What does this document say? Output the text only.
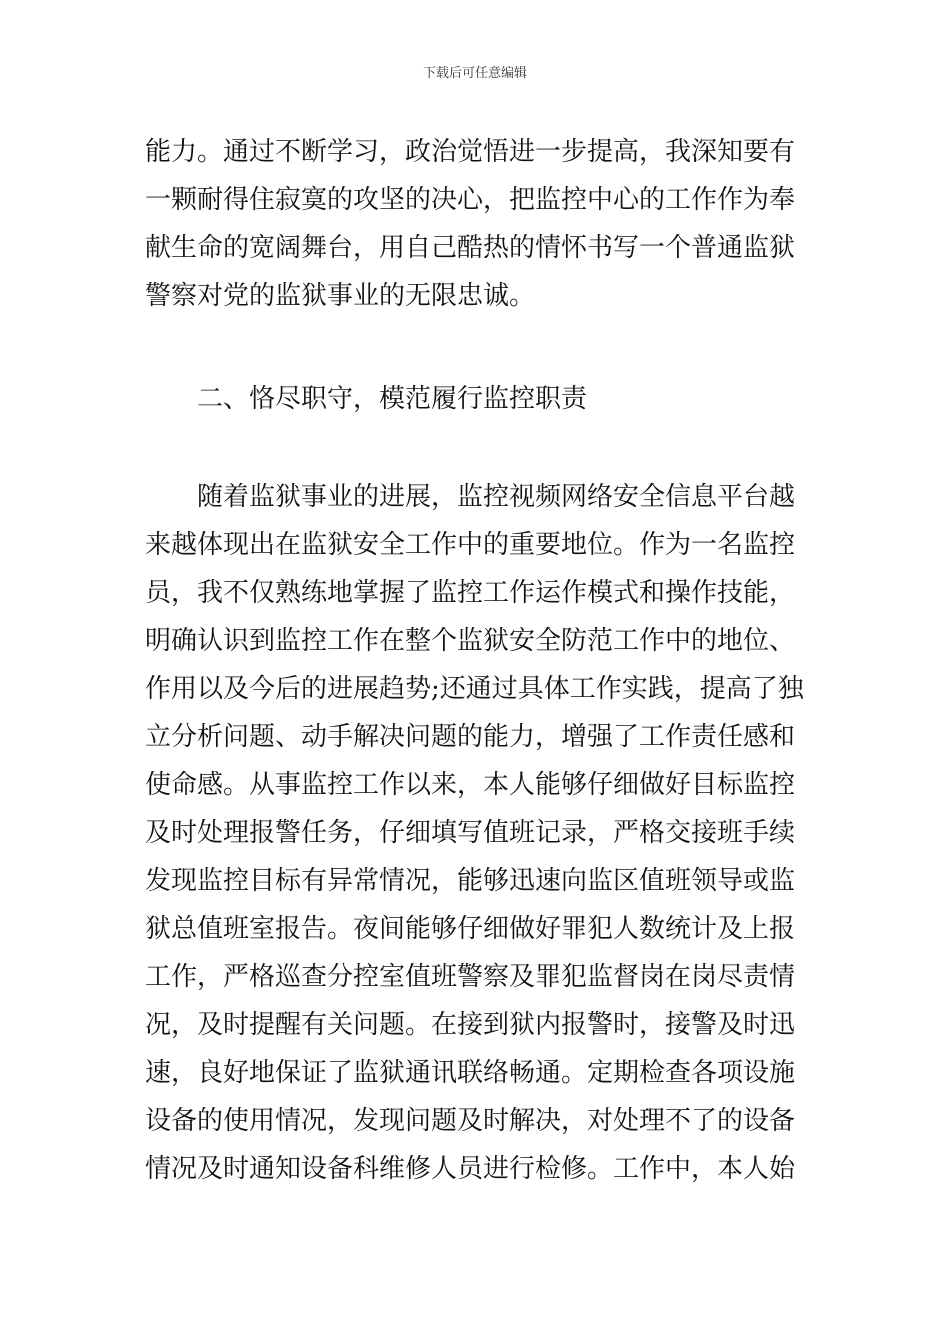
下载后可任意编辑

能力。通过不断学习，政治觉悟进一步提高，我深知要有

一颗耐得住寂寞的攻坚的决心，把监控中心的工作作为奉

献生命的宽阔舞台，用自己酷热的情怀书写一个普通监狱

警察对党的监狱事业的无限忠诚。

二、恪尽职守，模范履行监控职责

随着监狱事业的进展，监控视频网络安全信息平台越

来越体现出在监狱安全工作中的重要地位。作为一名监控

员，我不仅熟练地掌握了监控工作运作模式和操作技能，

明确认识到监控工作在整个监狱安全防范工作中的地位、

作用以及今后的进展趋势;还通过具体工作实践，提高了独

立分析问题、动手解决问题的能力，增强了工作责任感和

使命感。从事监控工作以来，本人能够仔细做好目标监控

及时处理报警任务，仔细填写值班记录，严格交接班手续

发现监控目标有异常情况，能够迅速向监区值班领导或监

狱总值班室报告。夜间能够仔细做好罪犯人数统计及上报

工作，严格巡查分控室值班警察及罪犯监督岗在岗尽责情

况，及时提醒有关问题。在接到狱内报警时，接警及时迅

速，良好地保证了监狱通讯联络畅通。定期检查各项设施

设备的使用情况，发现问题及时解决，对处理不了的设备

情况及时通知设备科维修人员进行检修。工作中，本人始
